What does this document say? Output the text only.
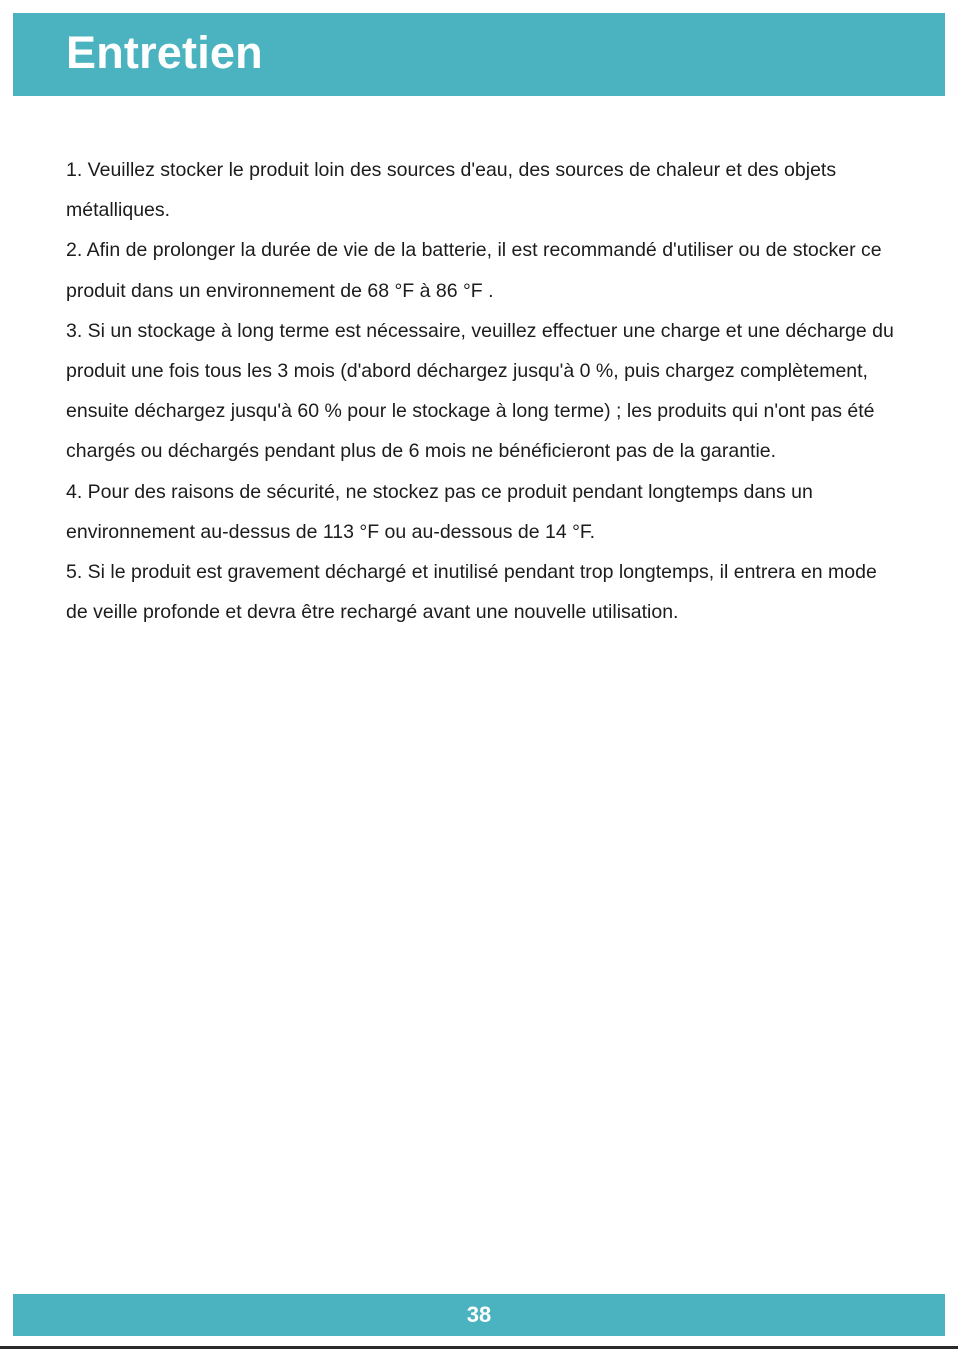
Entretien

1. Veuillez stocker le produit loin des sources d'eau, des sources de chaleur et des objets métalliques.

2. Afin de prolonger la durée de vie de la batterie, il est recommandé d'utiliser ou de stocker ce produit dans un environnement de 68 °F à 86 °F .

3. Si un stockage à long terme est nécessaire, veuillez effectuer une charge et une décharge du produit une fois tous les 3 mois (d'abord déchargez jusqu'à 0 %, puis chargez complètement, ensuite déchargez jusqu'à 60 % pour le stockage à long terme) ; les produits qui n'ont pas été chargés ou déchargés pendant plus de 6 mois ne bénéficieront pas de la garantie.

4. Pour des raisons de sécurité, ne stockez pas ce produit pendant longtemps dans un environnement au-dessus de 113 °F ou au-dessous de 14 °F.

5. Si le produit est gravement déchargé et inutilisé pendant trop longtemps, il entrera en mode de veille profonde et devra être rechargé avant une nouvelle utilisation.

38
